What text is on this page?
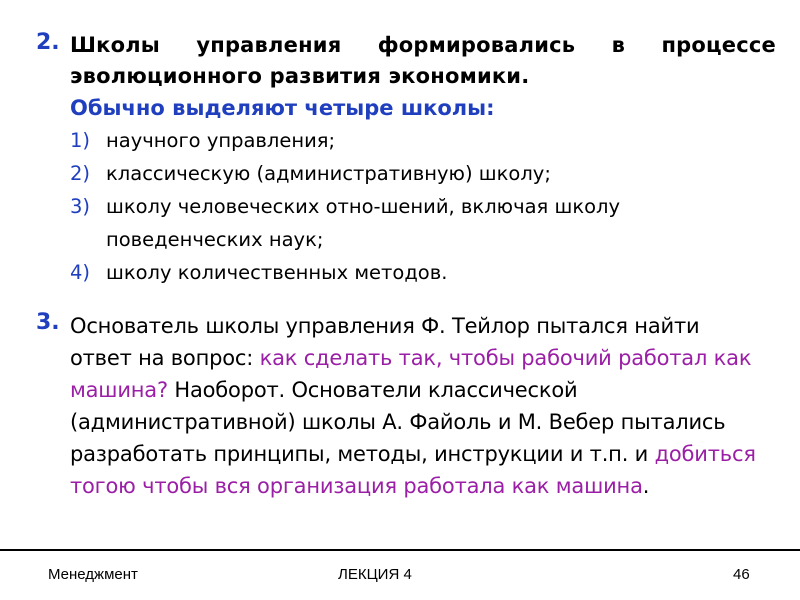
2. Школы управления формировались в процессе эволюционного развития экономики.
Обычно выделяют четыре школы:
1) научного управления;
2) классическую (административную) школу;
3) школу человеческих отно-шений, включая школу поведенческих наук;
4) школу количественных методов.
3. Основатель школы управления Ф. Тейлор пытался найти ответ на вопрос: как сделать так, чтобы рабочий работал как машина? Наоборот. Основатели классической (административной) школы А. Файоль и М. Вебер пытались разработать принципы, методы, инструкции и т.п. и добиться тогою чтобы вся организация работала как машина.
Менеджмент	ЛЕКЦИЯ 4	46
